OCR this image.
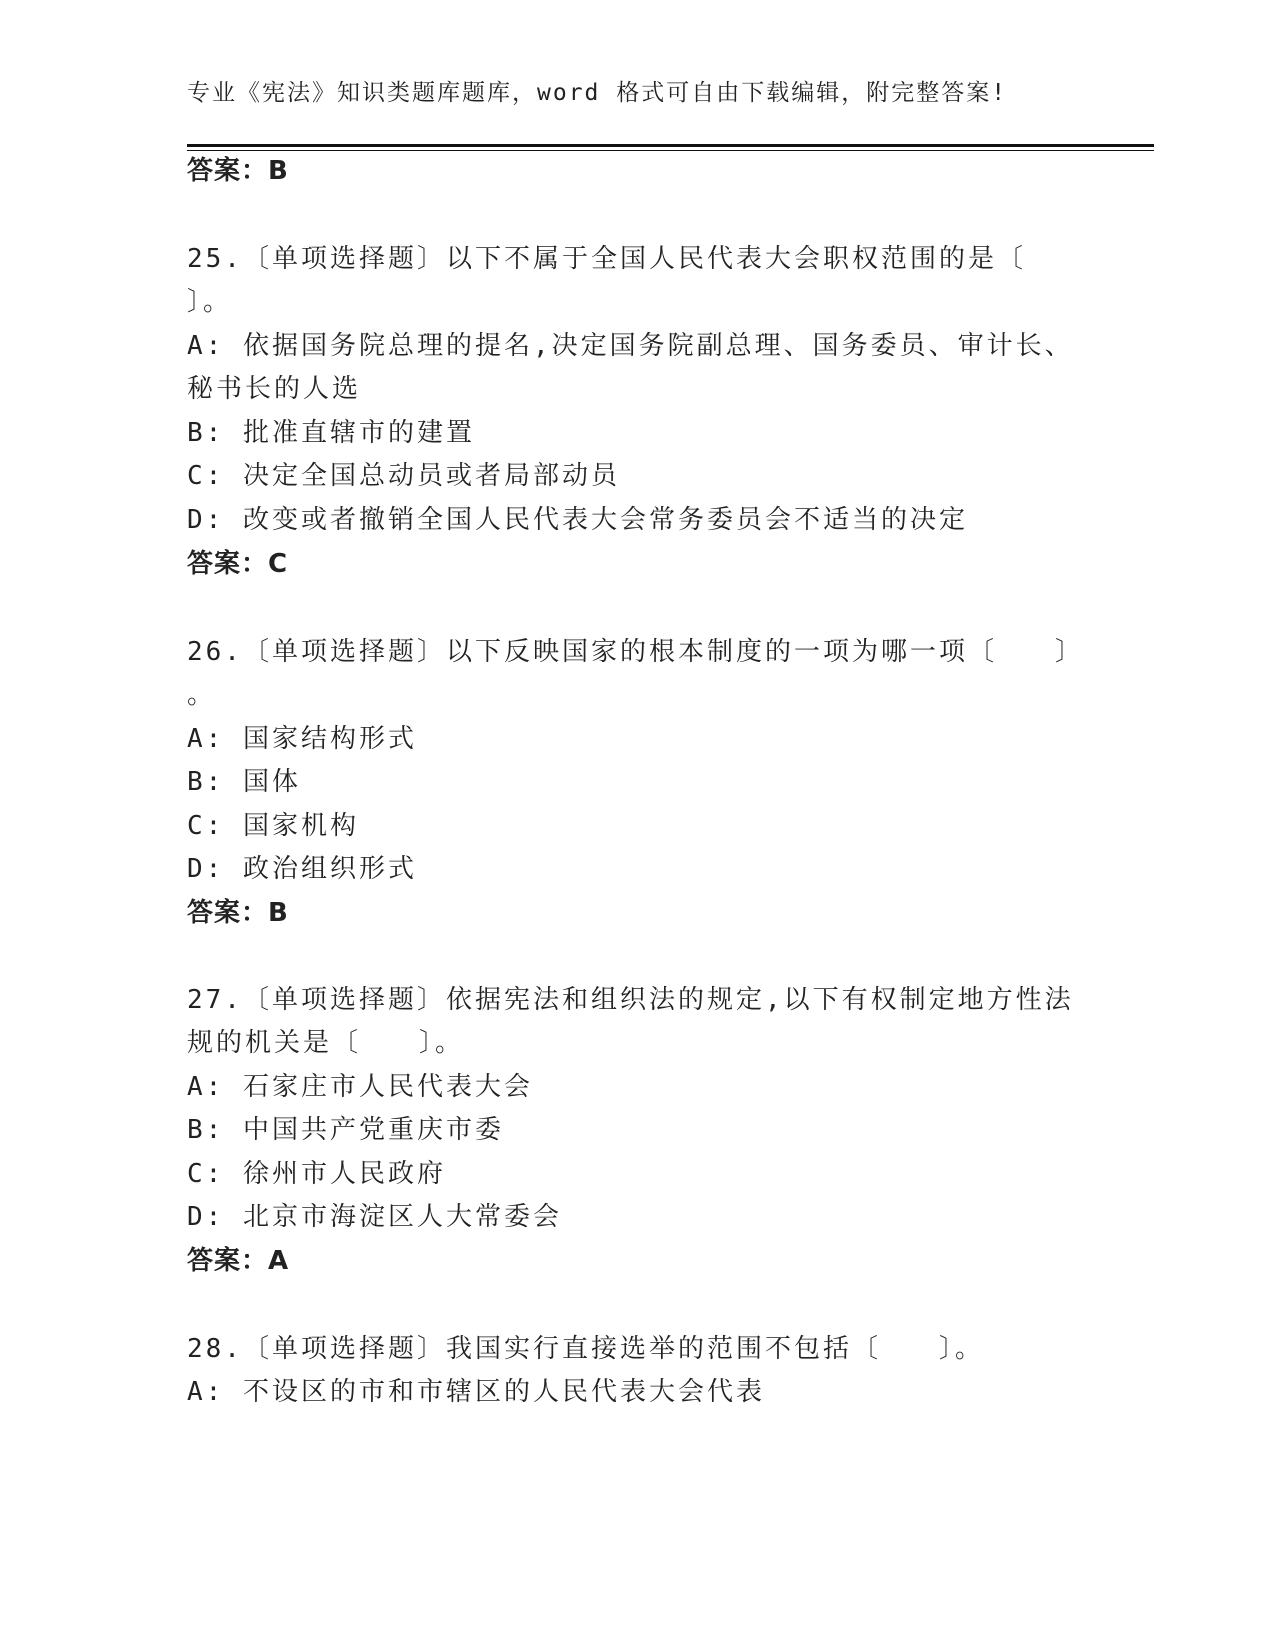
专业《宪法》知识类题库题库，word 格式可自由下载编辑，附完整答案!
答案：B
25.〔单项选择题〕以下不属于全国人民代表大会职权范围的是〔
〕。
A: 依据国务院总理的提名,决定国务院副总理、国务委员、审计长、
秘书长的人选
B: 批准直辖市的建置
C: 决定全国总动员或者局部动员
D: 改变或者撤销全国人民代表大会常务委员会不适当的决定
答案：C
26.〔单项选择题〕以下反映国家的根本制度的一项为哪一项〔　　〕
。
A: 国家结构形式
B: 国体
C: 国家机构
D: 政治组织形式
答案：B
27.〔单项选择题〕依据宪法和组织法的规定,以下有权制定地方性法
规的机关是〔　　〕。
A: 石家庄市人民代表大会
B: 中国共产党重庆市委
C: 徐州市人民政府
D: 北京市海淀区人大常委会
答案：A
28.〔单项选择题〕我国实行直接选举的范围不包括〔　　〕。
A: 不设区的市和市辖区的人民代表大会代表
